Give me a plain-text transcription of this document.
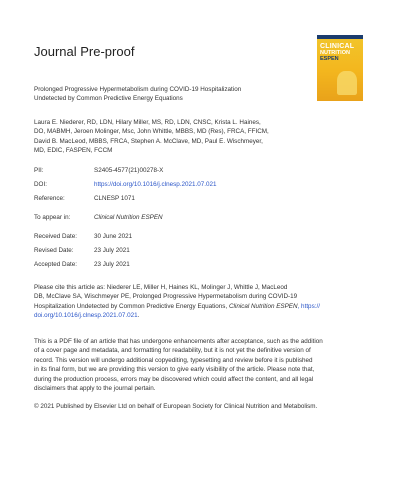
Journal Pre-proof	CLINICAL
NUTRITION
ESPEN
Prolonged Progressive Hypermetabolism during COVID-19 Hospitalization
Undetected by Common Predictive Energy Equations
Laura E. Niederer, RD, LDN, Hilary Miller, MS, RD, LDN, CNSC, Krista L. Haines,
DO, MABMH, Jeroen Molinger, Msc, John Whittle, MBBS, MD (Res), FRCA, FFICM,
David B. MacLeod, MBBS, FRCA, Stephen A. McClave, MD, Paul E. Wischmeyer,
MD, EDIC, FASPEN, FCCM
PII:	S2405-4577(21)00278-X
DOI:	https://doi.org/10.1016/j.clnesp.2021.07.021
Reference:	CLNESP 1071
To appear in:	Clinical Nutrition ESPEN
Received Date:	30 June 2021
Revised Date:	23 July 2021
Accepted Date:	23 July 2021
Please cite this article as: Niederer LE, Miller H, Haines KL, Molinger J, Whittle J, MacLeod
DB, McClave SA, Wischmeyer PE, Prolonged Progressive Hypermetabolism during COVID-19
Hospitalization Undetected by Common Predictive Energy Equations, Clinical Nutrition ESPEN, https://
doi.org/10.1016/j.clnesp.2021.07.021.
This is a PDF file of an article that has undergone enhancements after acceptance, such as the addition
of a cover page and metadata, and formatting for readability, but it is not yet the definitive version of
record. This version will undergo additional copyediting, typesetting and review before it is published
in its final form, but we are providing this version to give early visibility of the article. Please note that,
during the production process, errors may be discovered which could affect the content, and all legal
disclaimers that apply to the journal pertain.
© 2021 Published by Elsevier Ltd on behalf of European Society for Clinical Nutrition and Metabolism.
